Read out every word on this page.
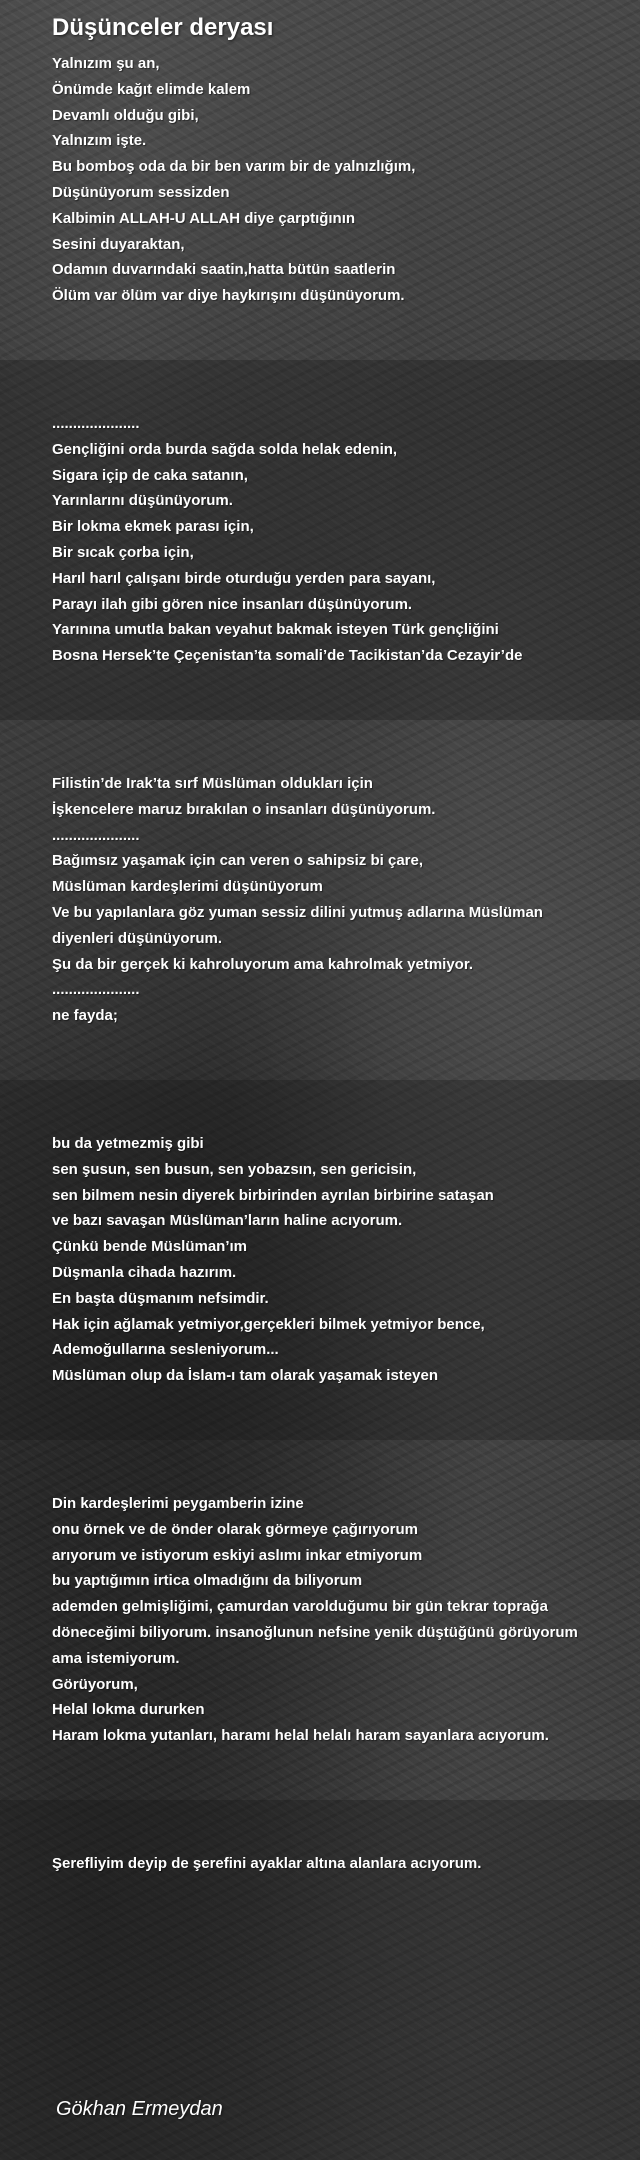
Düşünceler deryası
Yalnızım şu an,
Önümde kağıt elimde kalem
Devamlı olduğu gibi,
Yalnızım işte.
Bu bomboş oda da bir ben varım bir de yalnızlığım,
Düşünüyorum sessizden
Kalbimin ALLAH-U ALLAH diye çarptığının
Sesini duyaraktan,
Odamın duvarındaki saatin,hatta bütün saatlerin
Ölüm var ölüm var diye haykırışını düşünüyorum.
.....................
Gençliğini orda burda sağda solda helak edenin,
Sigara içip de caka satanın,
Yarınlarını düşünüyorum.
Bir lokma ekmek parası için,
Bir sıcak çorba için,
Harıl harıl çalışanı birde oturduğu yerden para sayanı,
Parayı ilah gibi gören nice insanları düşünüyorum.
Yarınına umutla bakan veyahut bakmak isteyen Türk gençliğini
Bosna Hersek’te Çeçenistan’ta somali’de Tacikistan’da Cezayir’de
Filistin’de Irak’ta sırf Müslüman oldukları için
İşkencelere maruz bırakılan o insanları düşünüyorum.
.....................
Bağımsız yaşamak için can veren o sahipsiz bi çare,
Müslüman kardeşlerimi düşünüyorum
Ve bu yapılanlara göz yuman sessiz dilini yutmuş adlarına Müslüman
diyenleri düşünüyorum.
Şu da bir gerçek ki kahroluyorum ama kahrolmak yetmiyor.
.....................
ne fayda;
bu da yetmezmiş gibi
sen şusun, sen busun, sen yobazsın, sen gericisin,
sen bilmem nesin diyerek birbirinden ayrılan birbirine sataşan
ve bazı savaşan Müslüman’ların haline acıyorum.
Çünkü bende Müslüman’ım
Düşmanla cihada hazırım.
En başta düşmanım nefsimdir.
Hak için ağlamak yetmiyor,gerçekleri bilmek yetmiyor bence,
Ademoğullarına sesleniyorum...
Müslüman olup da İslam-ı tam olarak yaşamak isteyen
Din kardeşlerimi peygamberin izine
onu örnek ve de önder olarak görmeye çağırıyorum
arıyorum ve istiyorum eskiyi aslımı inkar etmiyorum
bu yaptığımın irtica olmadığını da biliyorum
ademden gelmişliğimi, çamurdan varolduğumu bir gün tekrar toprağa
döneceğimi biliyorum. insanoğlunun nefsine yenik düştüğünü görüyorum
ama istemiyorum.
Görüyorum,
Helal lokma dururken
Haram lokma yutanları, haramı helal helalı haram sayanlara acıyorum.
Şerefliyim deyip de şerefini ayaklar altına alanlara acıyorum.
Gökhan Ermeydan
